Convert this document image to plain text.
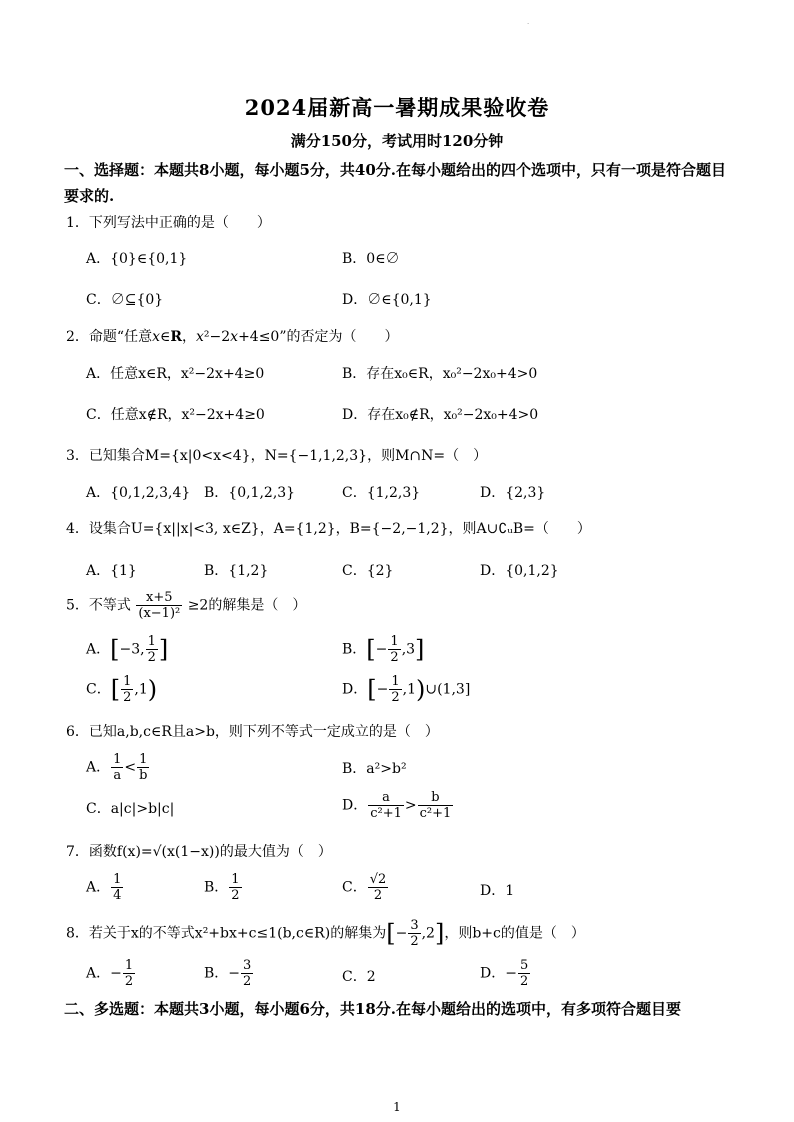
·
2024届新高一暑期成果验收卷
满分150分，考试用时120分钟
一、选择题：本题共8小题，每小题5分，共40分.在每小题给出的四个选项中，只有一项是符合题目要求的.
1．下列写法中正确的是（　　）
A．{0}∈{0,1}	B．0∈∅
C．∅⊆{0}	D．∅∈{0,1}
2．命题“任意x∈R，x²−2x+4≤0”的否定为（　　）
A．任意x∈R，x²−2x+4≥0	B．存在x₀∈R，x₀²−2x₀+4>0
C．任意x∉R，x²−2x+4≥0	D．存在x₀∉R，x₀²−2x₀+4>0
3．已知集合M={x|0<x<4}，N={−1,1,2,3}，则M∩N=（　）
A．{0,1,2,3,4} B．{0,1,2,3}	C．{1,2,3}	D．{2,3}
4．设集合U={x||x|<3, x∈Z}，A={1,2}，B={−2,−1,2}，则A∪∁ᵤB=（　　）
A．{1}	B．{1,2}	C．{2}	D．{0,1,2}
5．不等式 $\frac{x+5}{\text{(x−1)²}} \ge 2$的解集是（　）
A．[−3, $\frac{1}{2}$ ]	B．[− $\frac{1}{2} ,3$]
C．[ $\frac{1}{2} ,1$)	D．[− $\frac{1}{2}$ ,1)∪(1,3]
6．已知a,b,c∈R且a>b，则下列不等式一定成立的是（　）
A． $\frac{1}{a} < \frac{1}{b}$	B．a²>b²
C．a|c|>b|c|	D． $\frac{a}{\text{c²+1}} > \frac{b}{\text{c²+1}}$
7．函数f(x)=√(x(1−x))的最大值为（　）
A． $\frac{1}{4}$	B． $\frac{1}{2}$	C． $\frac{√2}{2}$	D．1
8．若关于x的不等式x²+bx+c≤1(b,c∈R)的解集为[− $\frac{3}{2} ,2$]，则b+c的值是（　）
A．− $\frac{1}{2}$	B．− $\frac{3}{2}$	C．2	D．− $\frac{5}{2}$
二、多选题：本题共3小题，每小题6分，共18分.在每小题给出的选项中，有多项符合题目要
1
